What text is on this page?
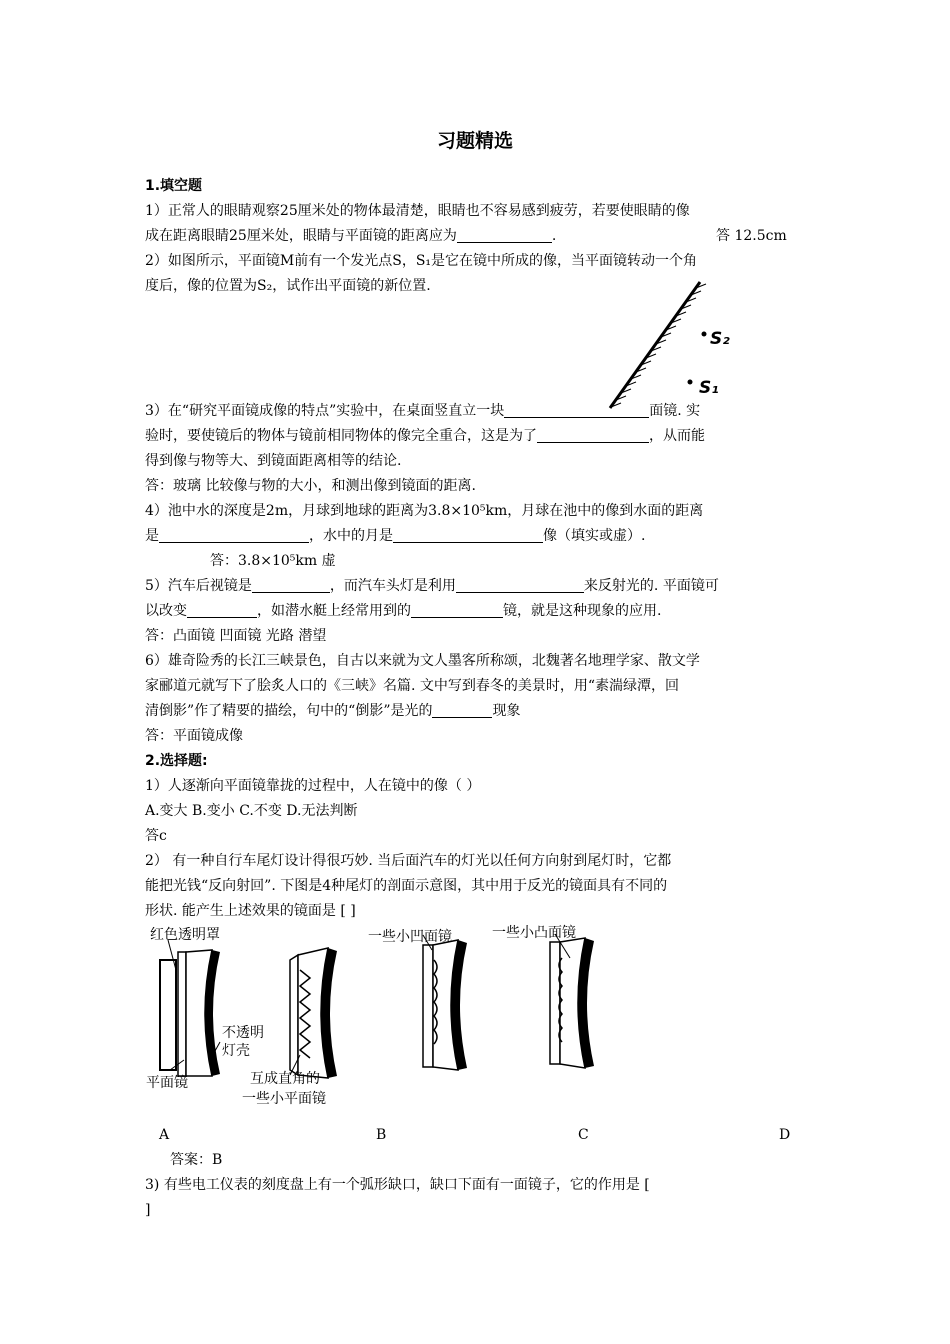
习题精选
1.填空题
1）正常人的眼睛观察25厘米处的物体最清楚，眼睛也不容易感到疲劳，若要使眼睛的像
成在距离眼睛25厘米处，眼睛与平面镜的距离应为	.	答 12.5cm
2）如图所示，平面镜M前有一个发光点S，S₁是它在镜中所成的像，当平面镜转动一个角
度后，像的位置为S₂，试作出平面镜的新位置.
S₂
S₁
3）在“研究平面镜成像的特点”实验中，在桌面竖直立一块	面镜. 实
验时，要使镜后的物体与镜前相同物体的像完全重合，这是为了	，从而能
得到像与物等大、到镜面距离相等的结论.
答：玻璃 比较像与物的大小，和测出像到镜面的距离.
4）池中水的深度是2m，月球到地球的距离为3.8×10⁵km，月球在池中的像到水面的距离
是	，水中的月是	像（填实或虚）.
答：3.8×10⁵km 虚
5）汽车后视镜是	，而汽车头灯是利用	来反射光的. 平面镜可
以改变	，如潜水艇上经常用到的	镜，就是这种现象的应用.
答：凸面镜 凹面镜 光路 潜望
6）雄奇险秀的长江三峡景色，自古以来就为文人墨客所称颂，北魏著名地理学家、散文学
家郦道元就写下了脍炙人口的《三峡》名篇. 文中写到春冬的美景时，用“素湍绿潭，回
清倒影”作了精要的描绘，句中的“倒影”是光的	现象
答：平面镜成像
2.选择题:
1）人逐渐向平面镜靠拢的过程中，人在镜中的像（ ）
A.变大 B.变小 C.不变 D.无法判断
答c
2） 有一种自行车尾灯设计得很巧妙. 当后面汽车的灯光以任何方向射到尾灯时，它都
能把光钱“反向射回”. 下图是4种尾灯的剖面示意图，其中用于反光的镜面具有不同的
形状. 能产生上述效果的镜面是 [ ]
红色透明罩
不透明
灯壳
平面镜	互成直角的
一些小平面镜
一些小凹面镜	一些小凸面镜
A	B	C	D
答案：B
3) 有些电工仪表的刻度盘上有一个弧形缺口，缺口下面有一面镜子，它的作用是 [
]
